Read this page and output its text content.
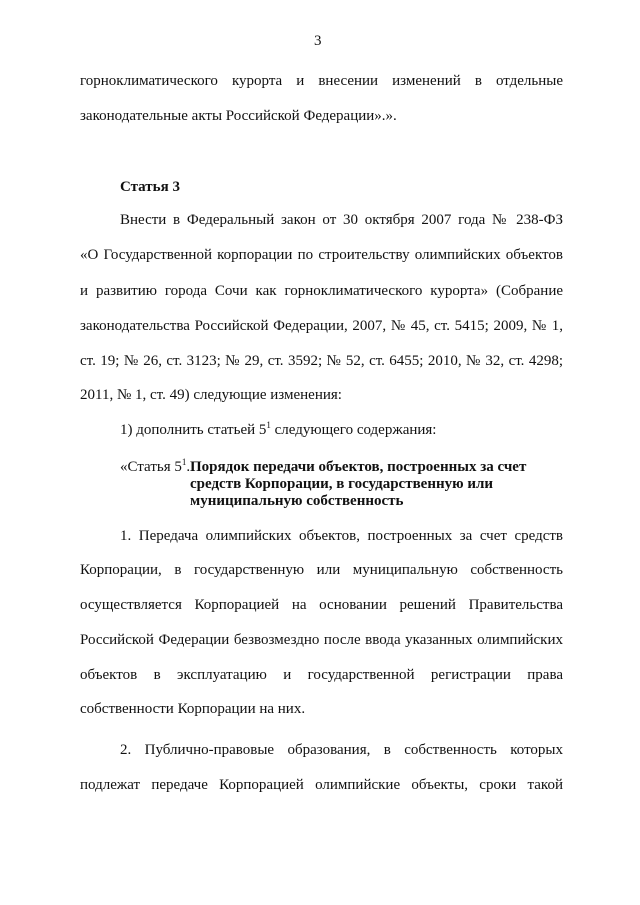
3
горноклиматического курорта и внесении изменений в отдельные
законодательные акты Российской Федерации».».
Статья 3
Внести в Федеральный закон от 30 октября 2007 года № 238-ФЗ
«О Государственной корпорации по строительству олимпийских объектов
и развитию города Сочи как горноклиматического курорта» (Собрание
законодательства Российской Федерации, 2007, № 45, ст. 5415; 2009, № 1,
ст. 19; № 26, ст. 3123; № 29, ст. 3592; № 52, ст. 6455; 2010, № 32, ст. 4298;
2011, № 1, ст. 49) следующие изменения:
1) дополнить статьей $5^1$ следующего содержания:
«Статья $5^1$. Порядок передачи объектов, построенных за счет
средств Корпорации, в государственную или
муниципальную собственность
1. Передача олимпийских объектов, построенных за счет средств
Корпорации, в государственную или муниципальную собственность
осуществляется Корпорацией на основании решений Правительства
Российской Федерации безвозмездно после ввода указанных олимпийских
объектов в эксплуатацию и государственной регистрации права
собственности Корпорации на них.
2. Публично-правовые образования, в собственность которых
подлежат передаче Корпорацией олимпийские объекты, сроки такой
